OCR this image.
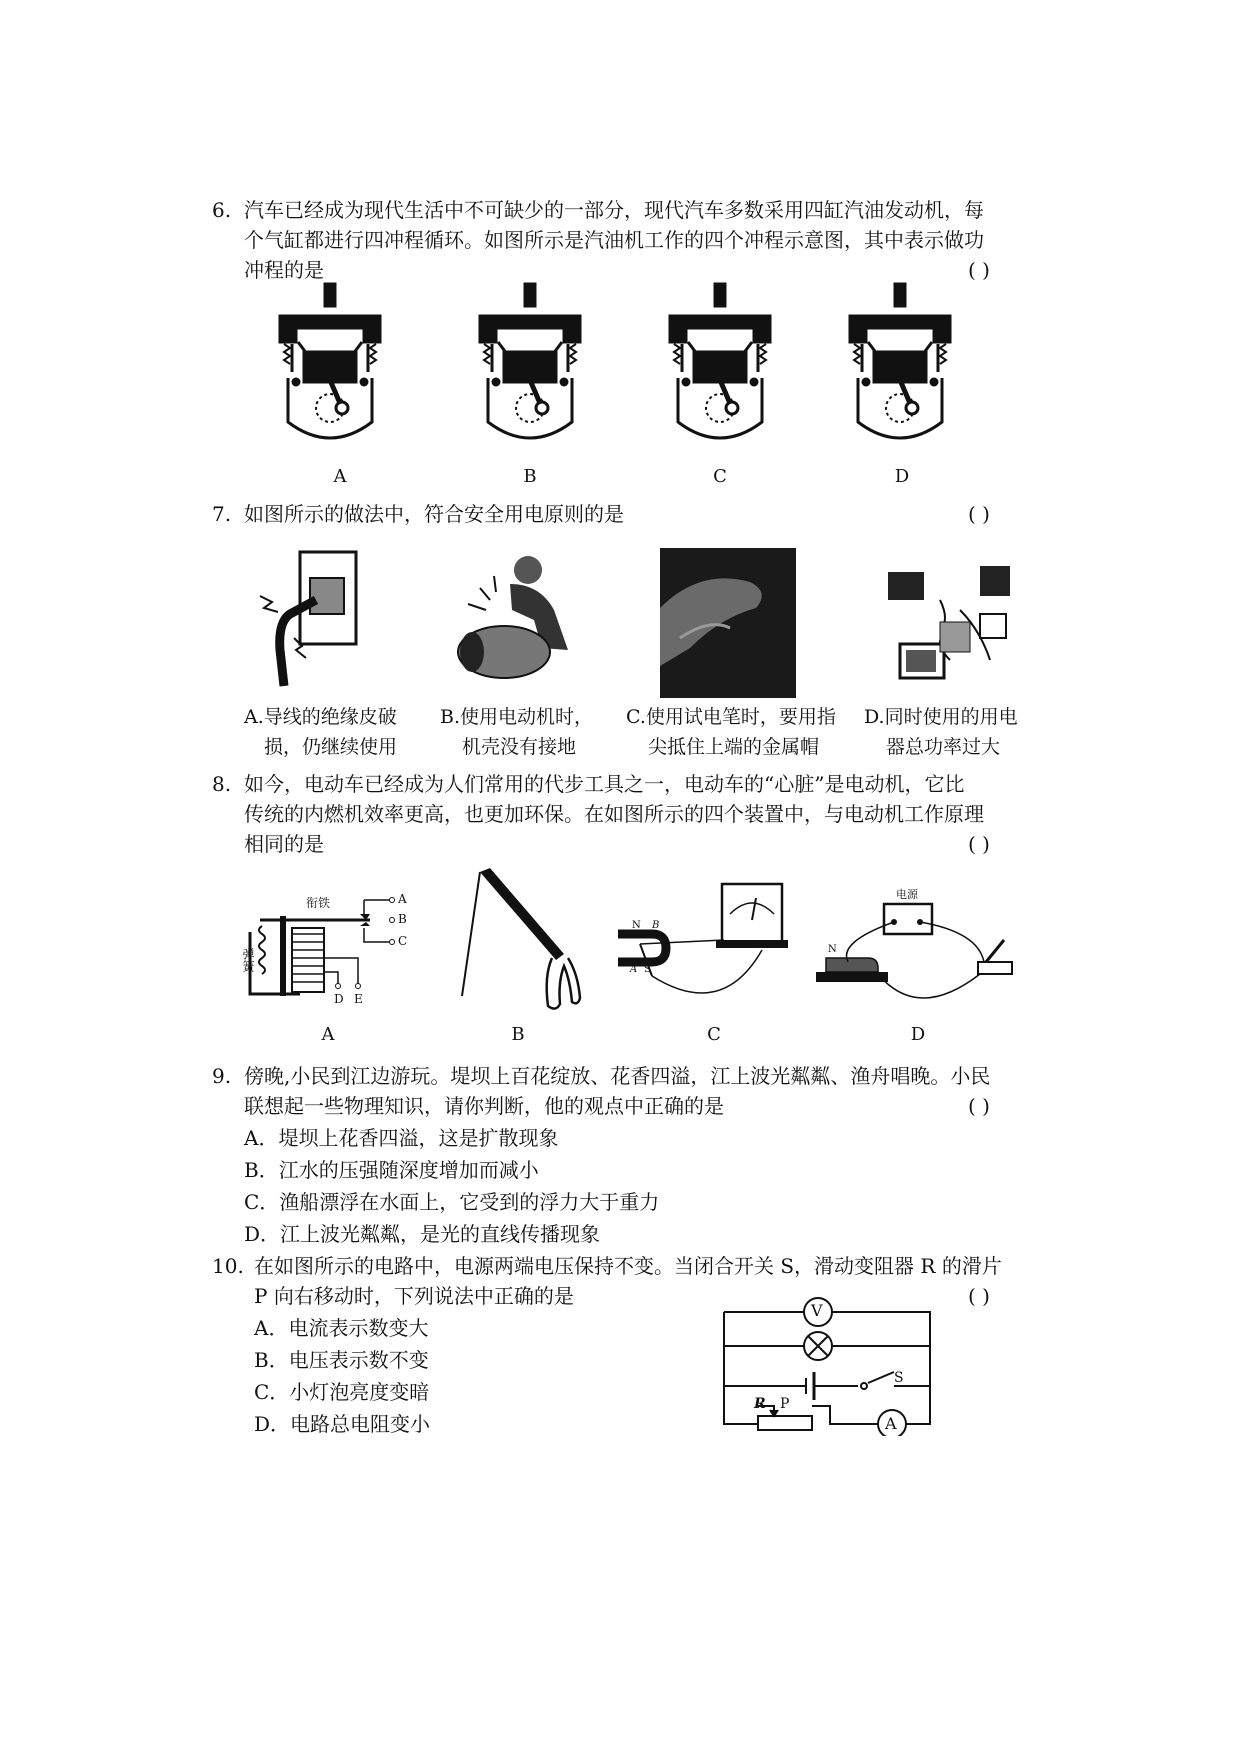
6. 汽车已经成为现代生活中不可缺少的一部分，现代汽车多数采用四缸汽油发动机，每
个气缸都进行四冲程循环。如图所示是汽油机工作的四个冲程示意图，其中表示做功
冲程的是	( )
A	B	C	D
7. 如图所示的做法中，符合安全用电原则的是	( )
A.导线的绝缘皮破
损，仍继续使用
B.使用电动机时，
机壳没有接地
C.使用试电笔时，要用指
尖抵住上端的金属帽
D.同时使用的用电
器总功率过大
8. 如今，电动车已经成为人们常用的代步工具之一，电动车的“心脏”是电动机，它比
传统的内燃机效率更高，也更加环保。在如图所示的四个装置中，与电动机工作原理
相同的是	( )
衔铁
弹簧
A
B
C
D E
N
S
A
B
电源
N
A	B	C	D
9. 傍晚,小民到江边游玩。堤坝上百花绽放、花香四溢，江上波光粼粼、渔舟唱晚。小民
联想起一些物理知识，请你判断，他的观点中正确的是	( )
A．堤坝上花香四溢，这是扩散现象
B．江水的压强随深度增加而减小
C．渔船漂浮在水面上，它受到的浮力大于重力
D．江上波光粼粼，是光的直线传播现象
10. 在如图所示的电路中，电源两端电压保持不变。当闭合开关 S，滑动变阻器 R 的滑片
P 向右移动时，下列说法中正确的是	( )
A．电流表示数变大
B．电压表示数不变
C．小灯泡亮度变暗
D．电路总电阻变小
V
S
R P
A
